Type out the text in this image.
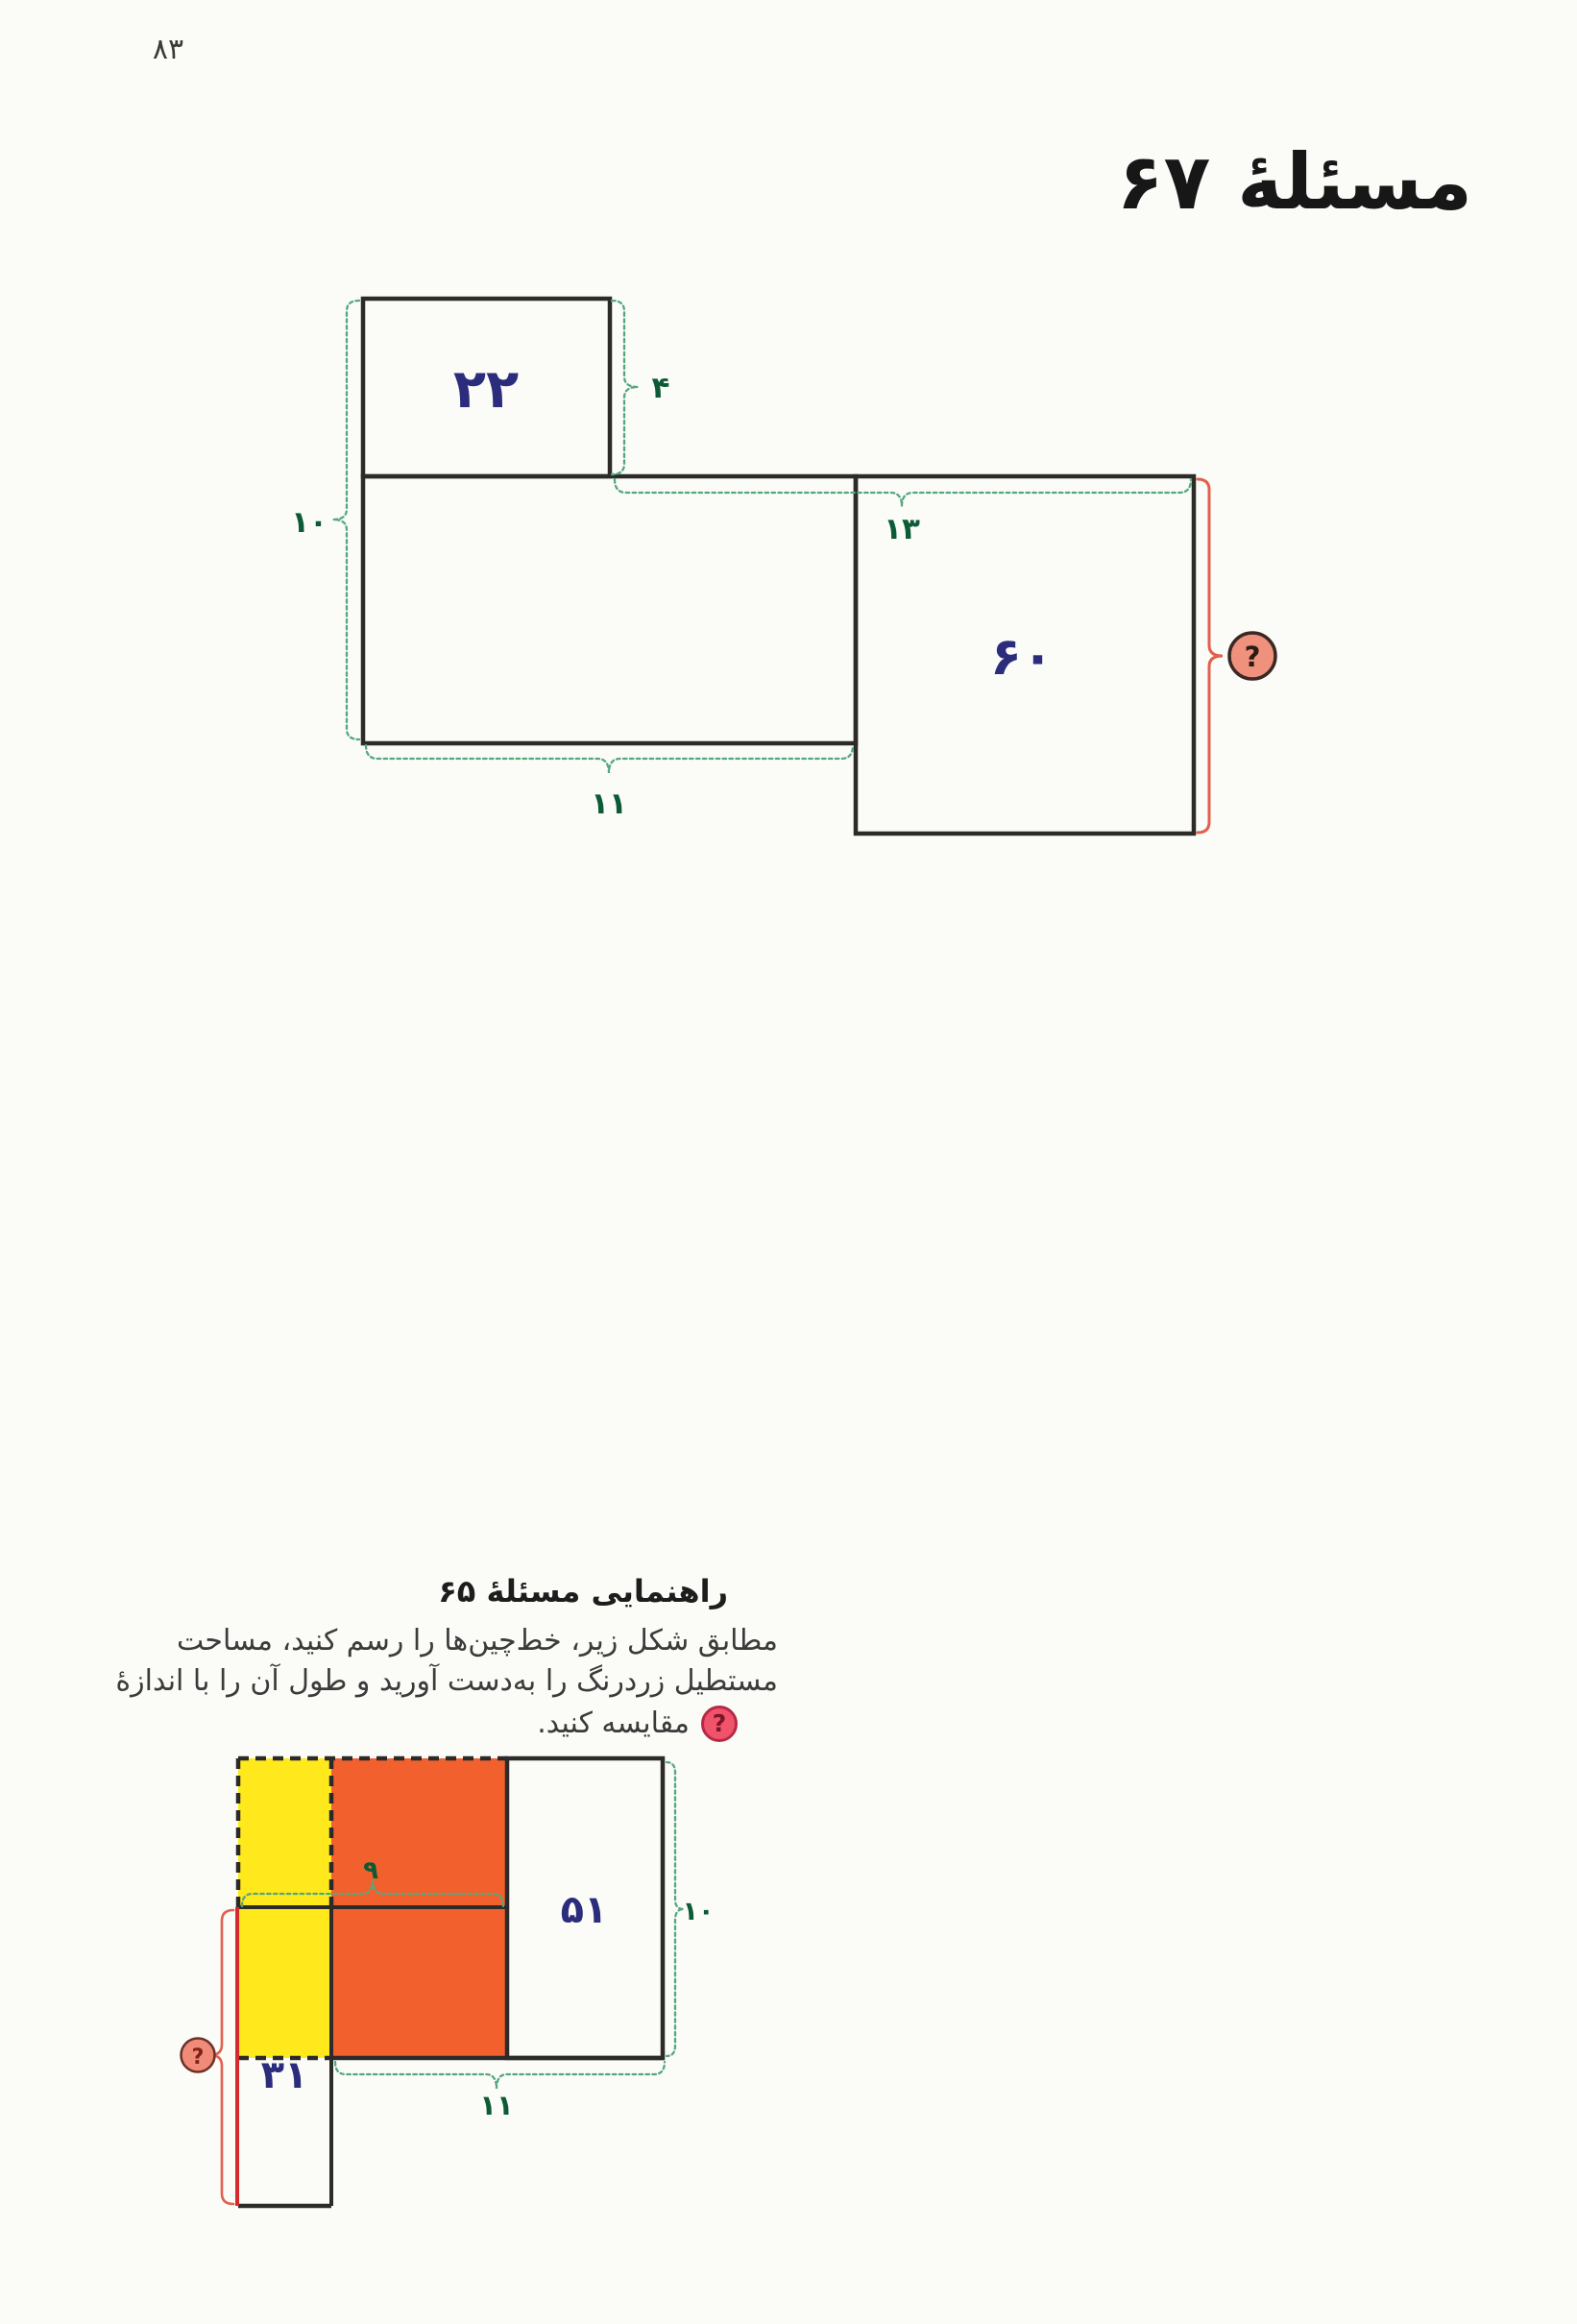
۸۳
مسئلهٔ ۶۷
?
۲۲
۶۰
۱۰
۴
۱۳
۱۱
راهنمایی مسئلهٔ ۶۵
مطابق شکل زیر، خط‌چین‌ها را رسم کنید، مساحت
مستطیل زردرنگ را به‌دست آورید و طول آن را با اندازهٔ
?
مقایسه کنید.
?
۵۱
۳۱
۹
۱۰
۱۱
